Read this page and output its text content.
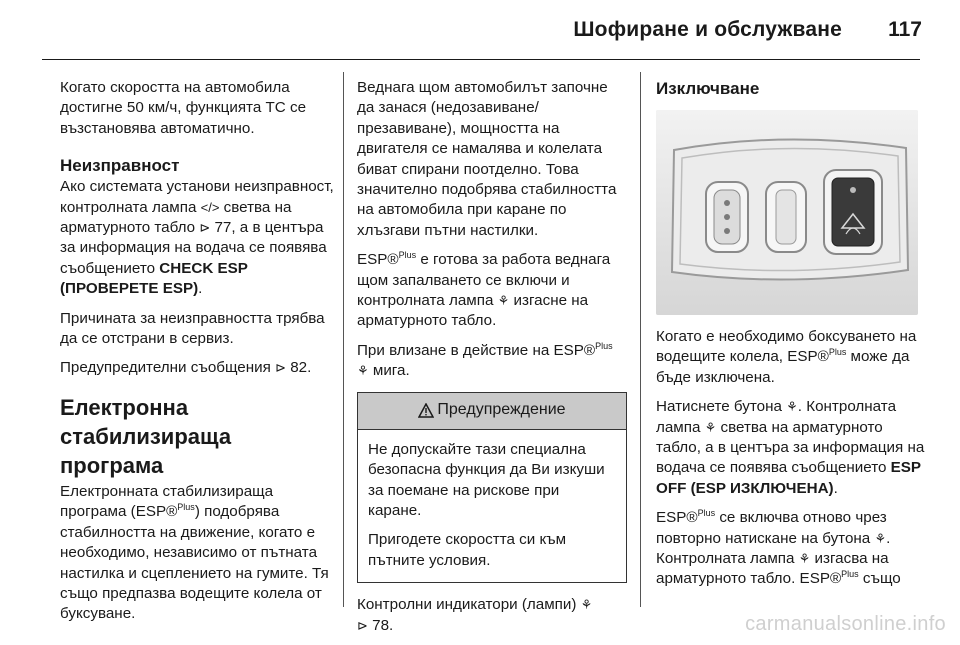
Шофиране и обслужване 117

Когато скоростта на автомобила достигне 50 км/ч, функцията TC се възстановява автоматично.

Неизправност

Ако системата установи неизправност, контролната лампа </> светва на арматурното табло ⊳ 77, а в центъра за информация на водача се появява съобщението CHECK ESP (ПРОВЕРЕТЕ ESP).

Причината за неизправността трябва да се отстрани в сервиз.

Предупредителни съобщения ⊳ 82.

Електронна стабилизираща програма

Електронната стабилизираща програма (ESP®$^{Plus}$) подобрява стабилността на движение, когато е необходимо, независимо от пътната настилка и сцеплението на гумите. Тя също предпазва водещите колела от буксуване.

Веднага щом автомобилът започне да занася (недозавиване/ презавиване), мощността на двигателя се намалява и колелата биват спирани поотделно. Това значително подобрява стабилността на автомобила при каране по хлъзгави пътни настилки.

ESP®$^{Plus}$ е готова за работа веднага щом запалването се включи и контролната лампа ⚘ изгасне на арматурното табло.

При влизане в действие на ESP®$^{Plus}$ ⚘ мига.

Предупреждение

Не допускайте тази специална безопасна функция да Ви изкуши за поемане на рискове при каране.

Пригодете скоростта си към пътните условия.

Контролни индикатори (лампи) ⚘
⊳ 78.

Изключване

Когато е необходимо боксуването на водещите колела, ESP®$^{Plus}$ може да бъде изключена.

Натиснете бутона ⚘. Контролната лампа ⚘ светва на арматурното табло, а в центъра за информация на водача се появява съобщението ESP OFF (ESP ИЗКЛЮЧЕНА).

ESP®$^{Plus}$ се включва отново чрез повторно натискане на бутона ⚘. Контролната лампа ⚘ изгасва на арматурното табло. ESP®$^{Plus}$ също

carmanualsonline.info
